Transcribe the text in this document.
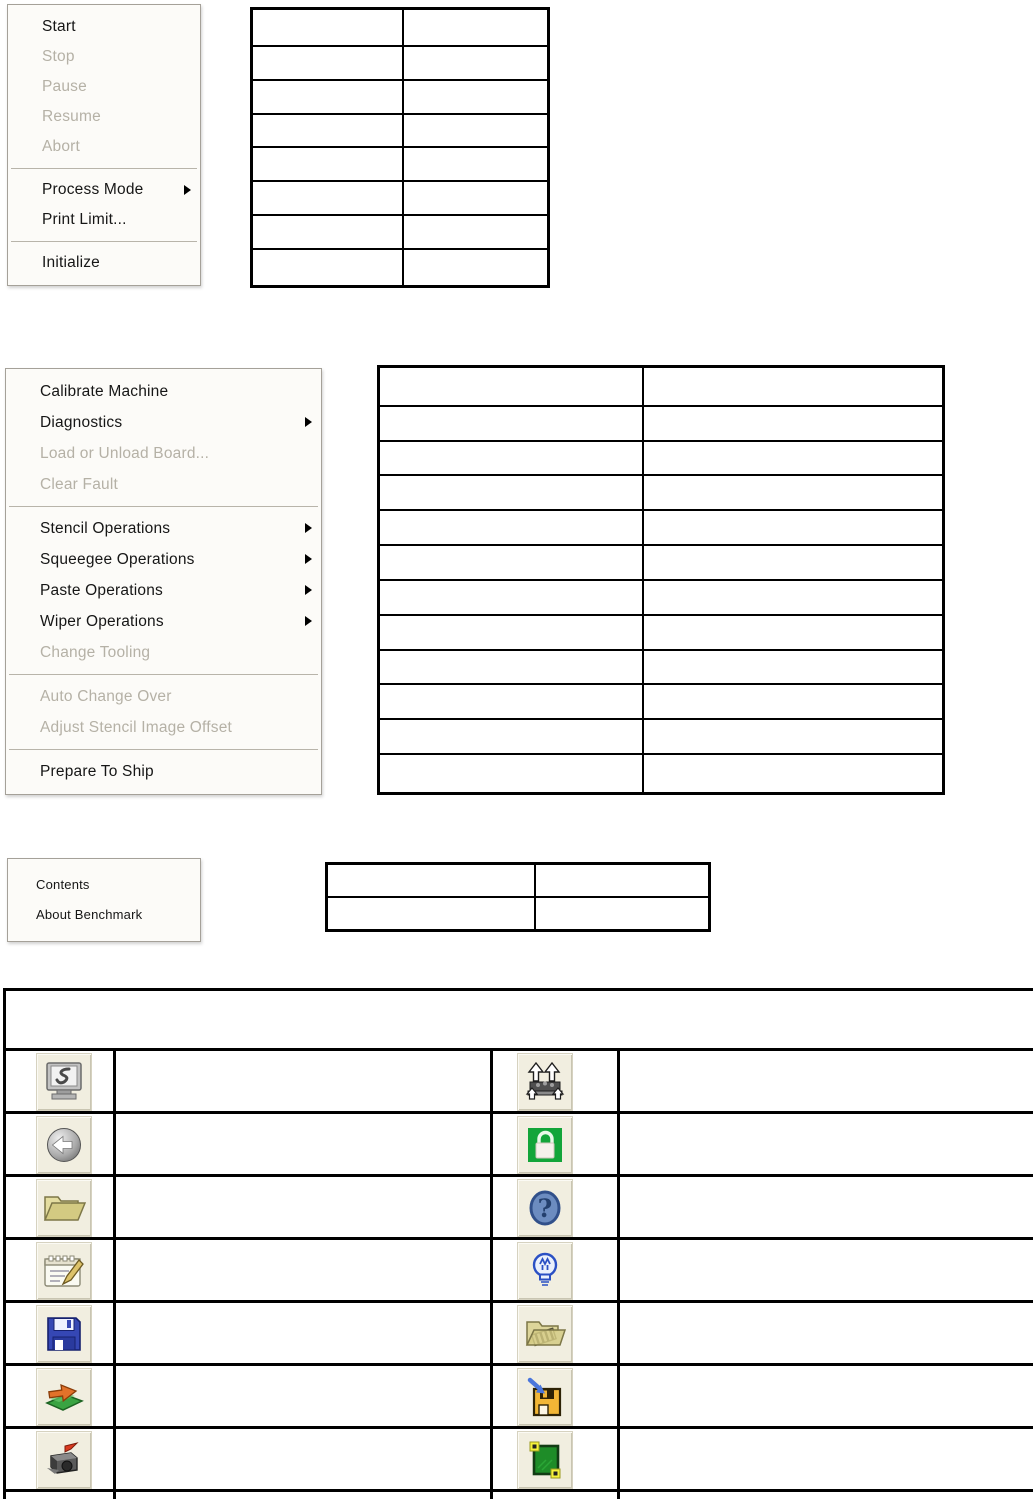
Start
Stop
Pause
Resume
Abort
Process Mode
Print Limit...
Initialize

Calibrate Machine
Diagnostics
Load or Unload Board...
Clear Fault
Stencil Operations
Squeegee Operations
Paste Operations
Wiper Operations
Change Tooling
Auto Change Over
Adjust Stencil Image Offset
Prepare To Ship

Contents
About Benchmark

?
